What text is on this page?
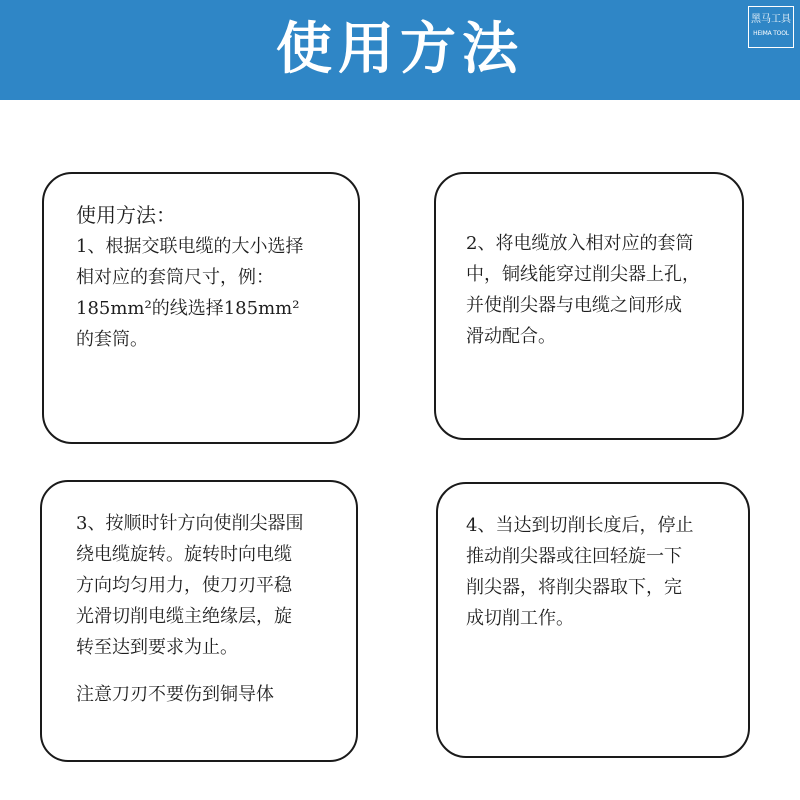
使用方法	黑马工具
HEIMA TOOL
使用方法：
1、根据交联电缆的大小选择
相对应的套筒尺寸，例：
185mm²的线选择185mm²
的套筒。
2、将电缆放入相对应的套筒
中，铜线能穿过削尖器上孔，
并使削尖器与电缆之间形成
滑动配合。
3、按顺时针方向使削尖器围
绕电缆旋转。旋转时向电缆
方向均匀用力，使刀刃平稳
光滑切削电缆主绝缘层，旋
转至达到要求为止。
注意刀刃不要伤到铜导体
4、当达到切削长度后，停止
推动削尖器或往回轻旋一下
削尖器，将削尖器取下，完
成切削工作。
